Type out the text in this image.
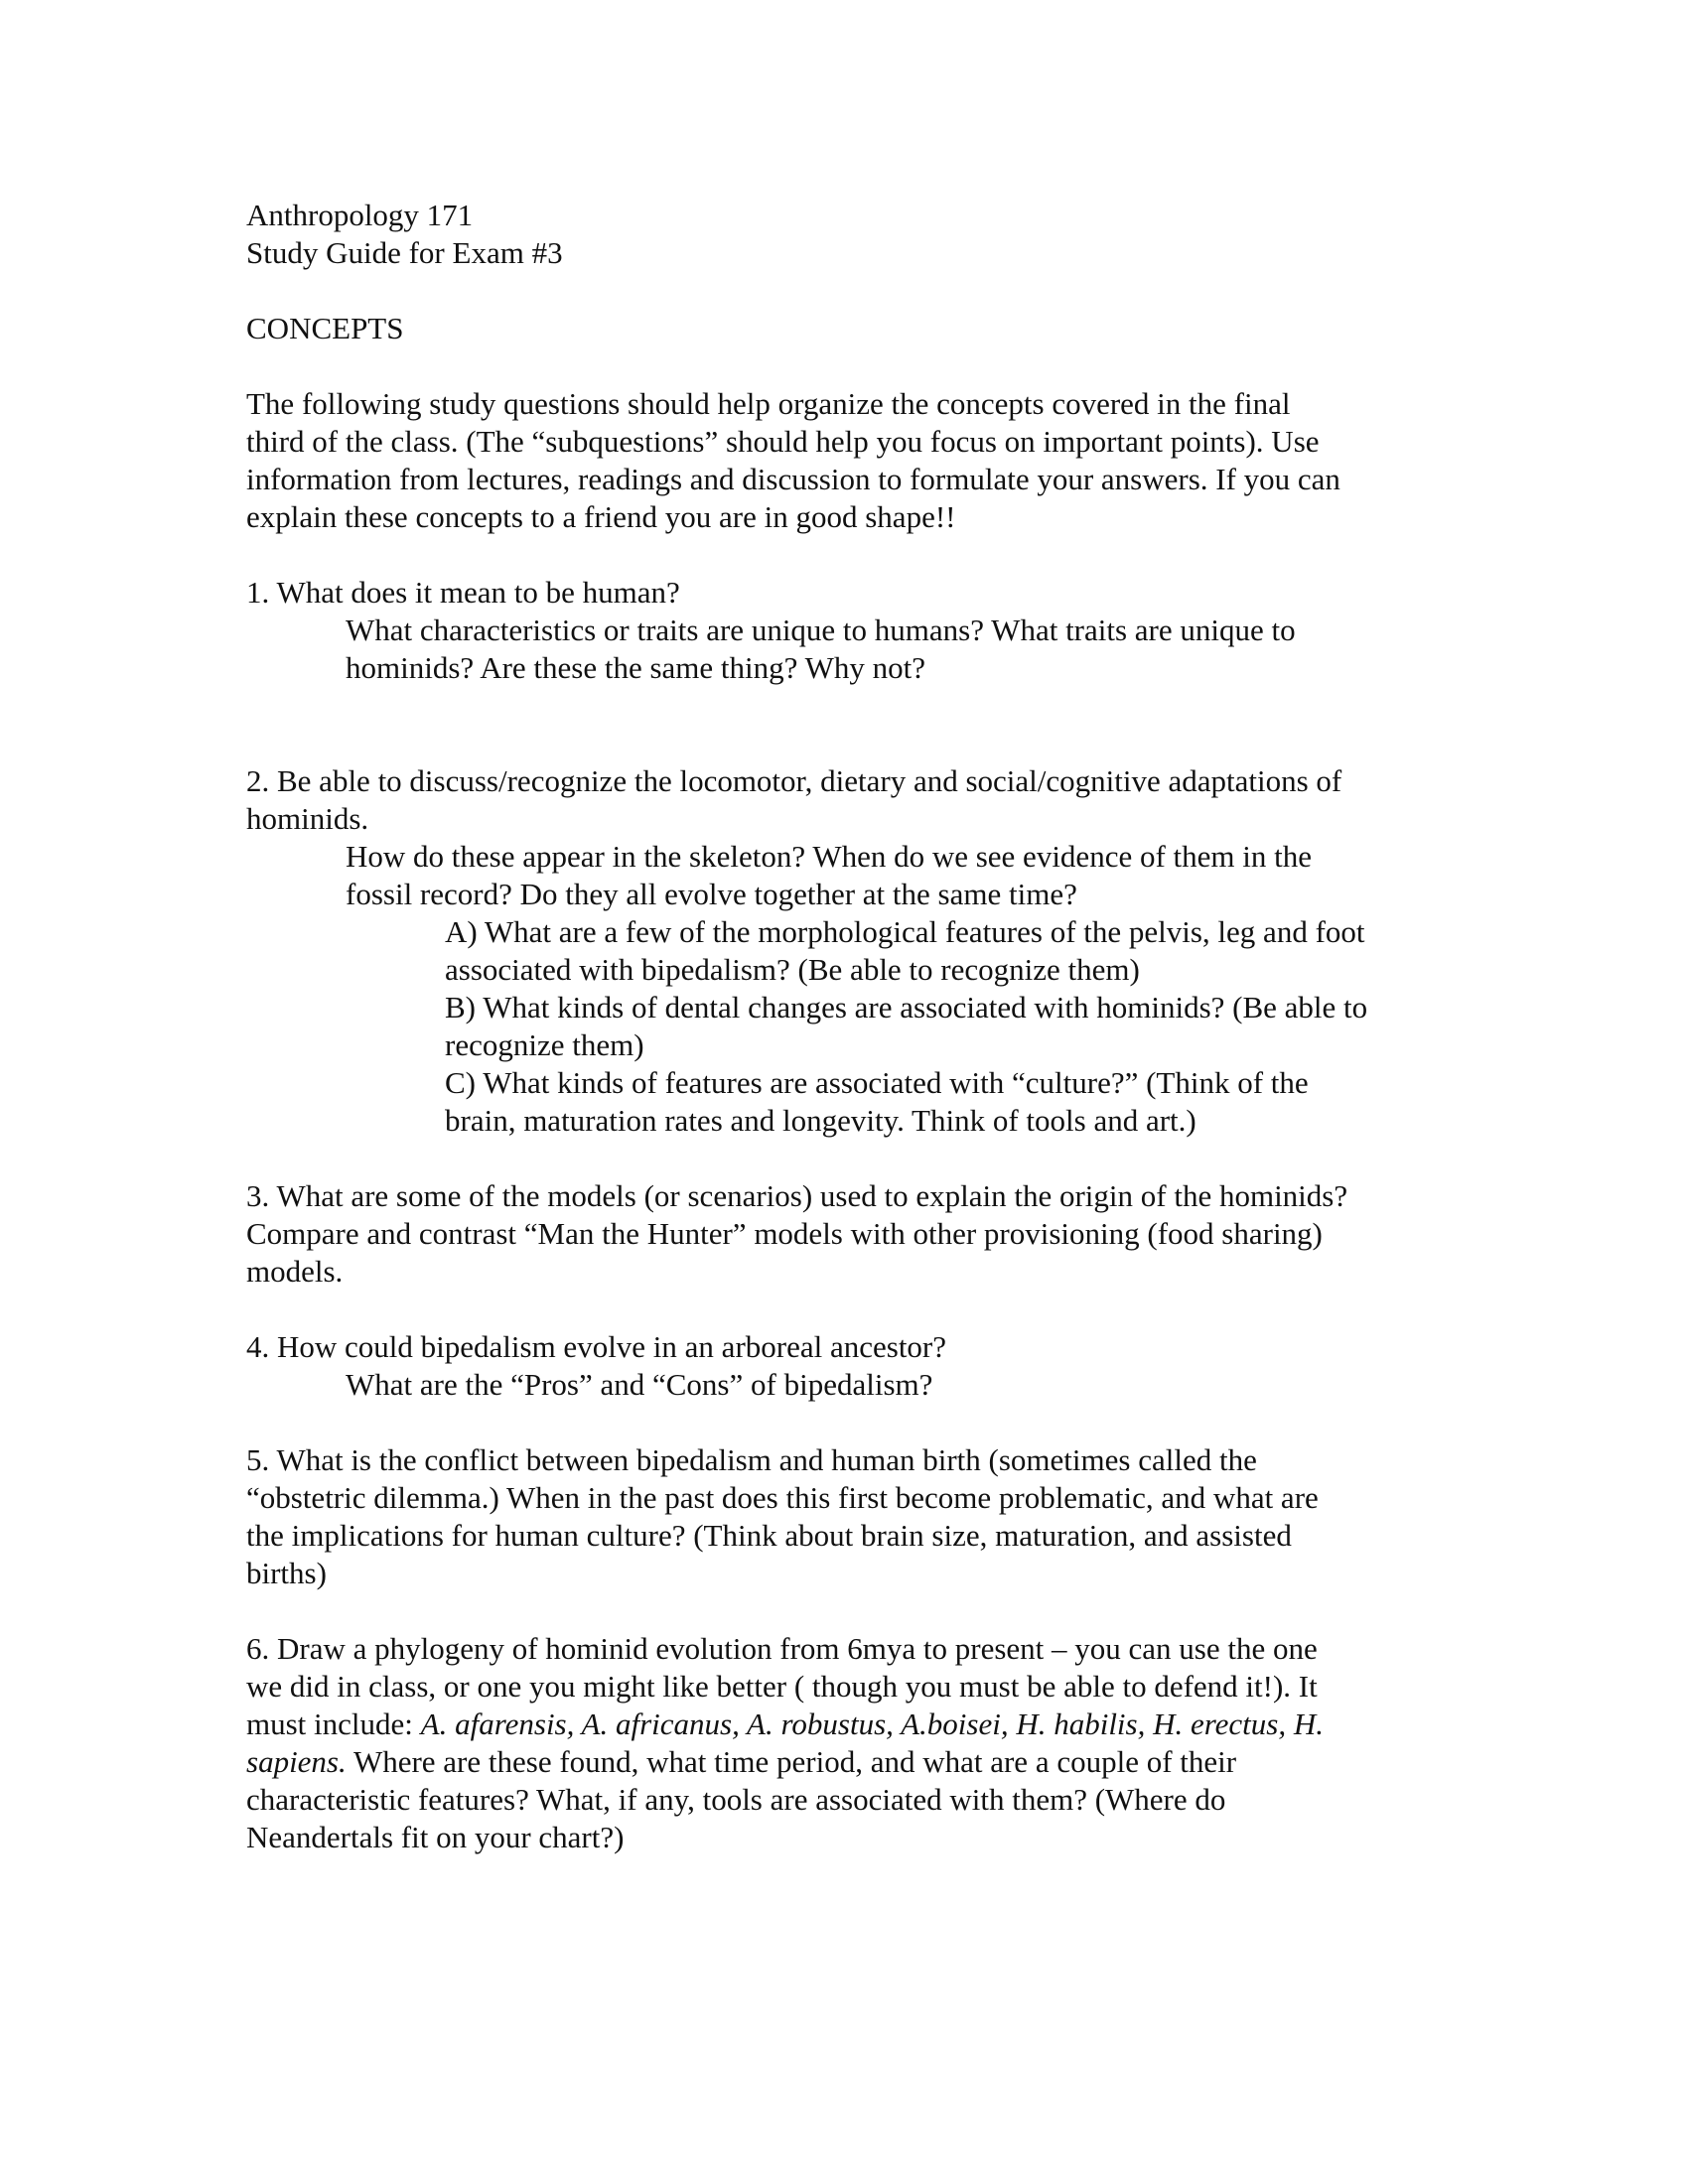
Anthropology 171
Study Guide for Exam #3
CONCEPTS
The following study questions should help organize the concepts covered in the final
third of the class. (The “subquestions” should help you focus on important points). Use
information from lectures, readings and discussion to formulate your answers. If you can
explain these concepts to a friend you are in good shape!!
1. What does it mean to be human?
What characteristics or traits are unique to humans? What traits are unique to
hominids? Are these the same thing? Why not?
2. Be able to discuss/recognize the locomotor, dietary and social/cognitive adaptations of
hominids.
How do these appear in the skeleton? When do we see evidence of them in the
fossil record? Do they all evolve together at the same time?
A) What are a few of the morphological features of the pelvis, leg and foot
associated with bipedalism? (Be able to recognize them)
B) What kinds of dental changes are associated with hominids? (Be able to
recognize them)
C) What kinds of features are associated with “culture?” (Think of the
brain, maturation rates and longevity. Think of tools and art.)
3. What are some of the models (or scenarios) used to explain the origin of the hominids?
Compare and contrast “Man the Hunter” models with other provisioning (food sharing)
models.
4. How could bipedalism evolve in an arboreal ancestor?
What are the “Pros” and “Cons” of bipedalism?
5. What is the conflict between bipedalism and human birth (sometimes called the
“obstetric dilemma.) When in the past does this first become problematic, and what are
the implications for human culture? (Think about brain size, maturation, and assisted
births)
6. Draw a phylogeny of hominid evolution from 6mya to present – you can use the one
we did in class, or one you might like better ( though you must be able to defend it!). It
must include: A. afarensis, A. africanus, A. robustus, A.boisei, H. habilis, H. erectus, H.
sapiens. Where are these found, what time period, and what are a couple of their
characteristic features? What, if any, tools are associated with them? (Where do
Neandertals fit on your chart?)
